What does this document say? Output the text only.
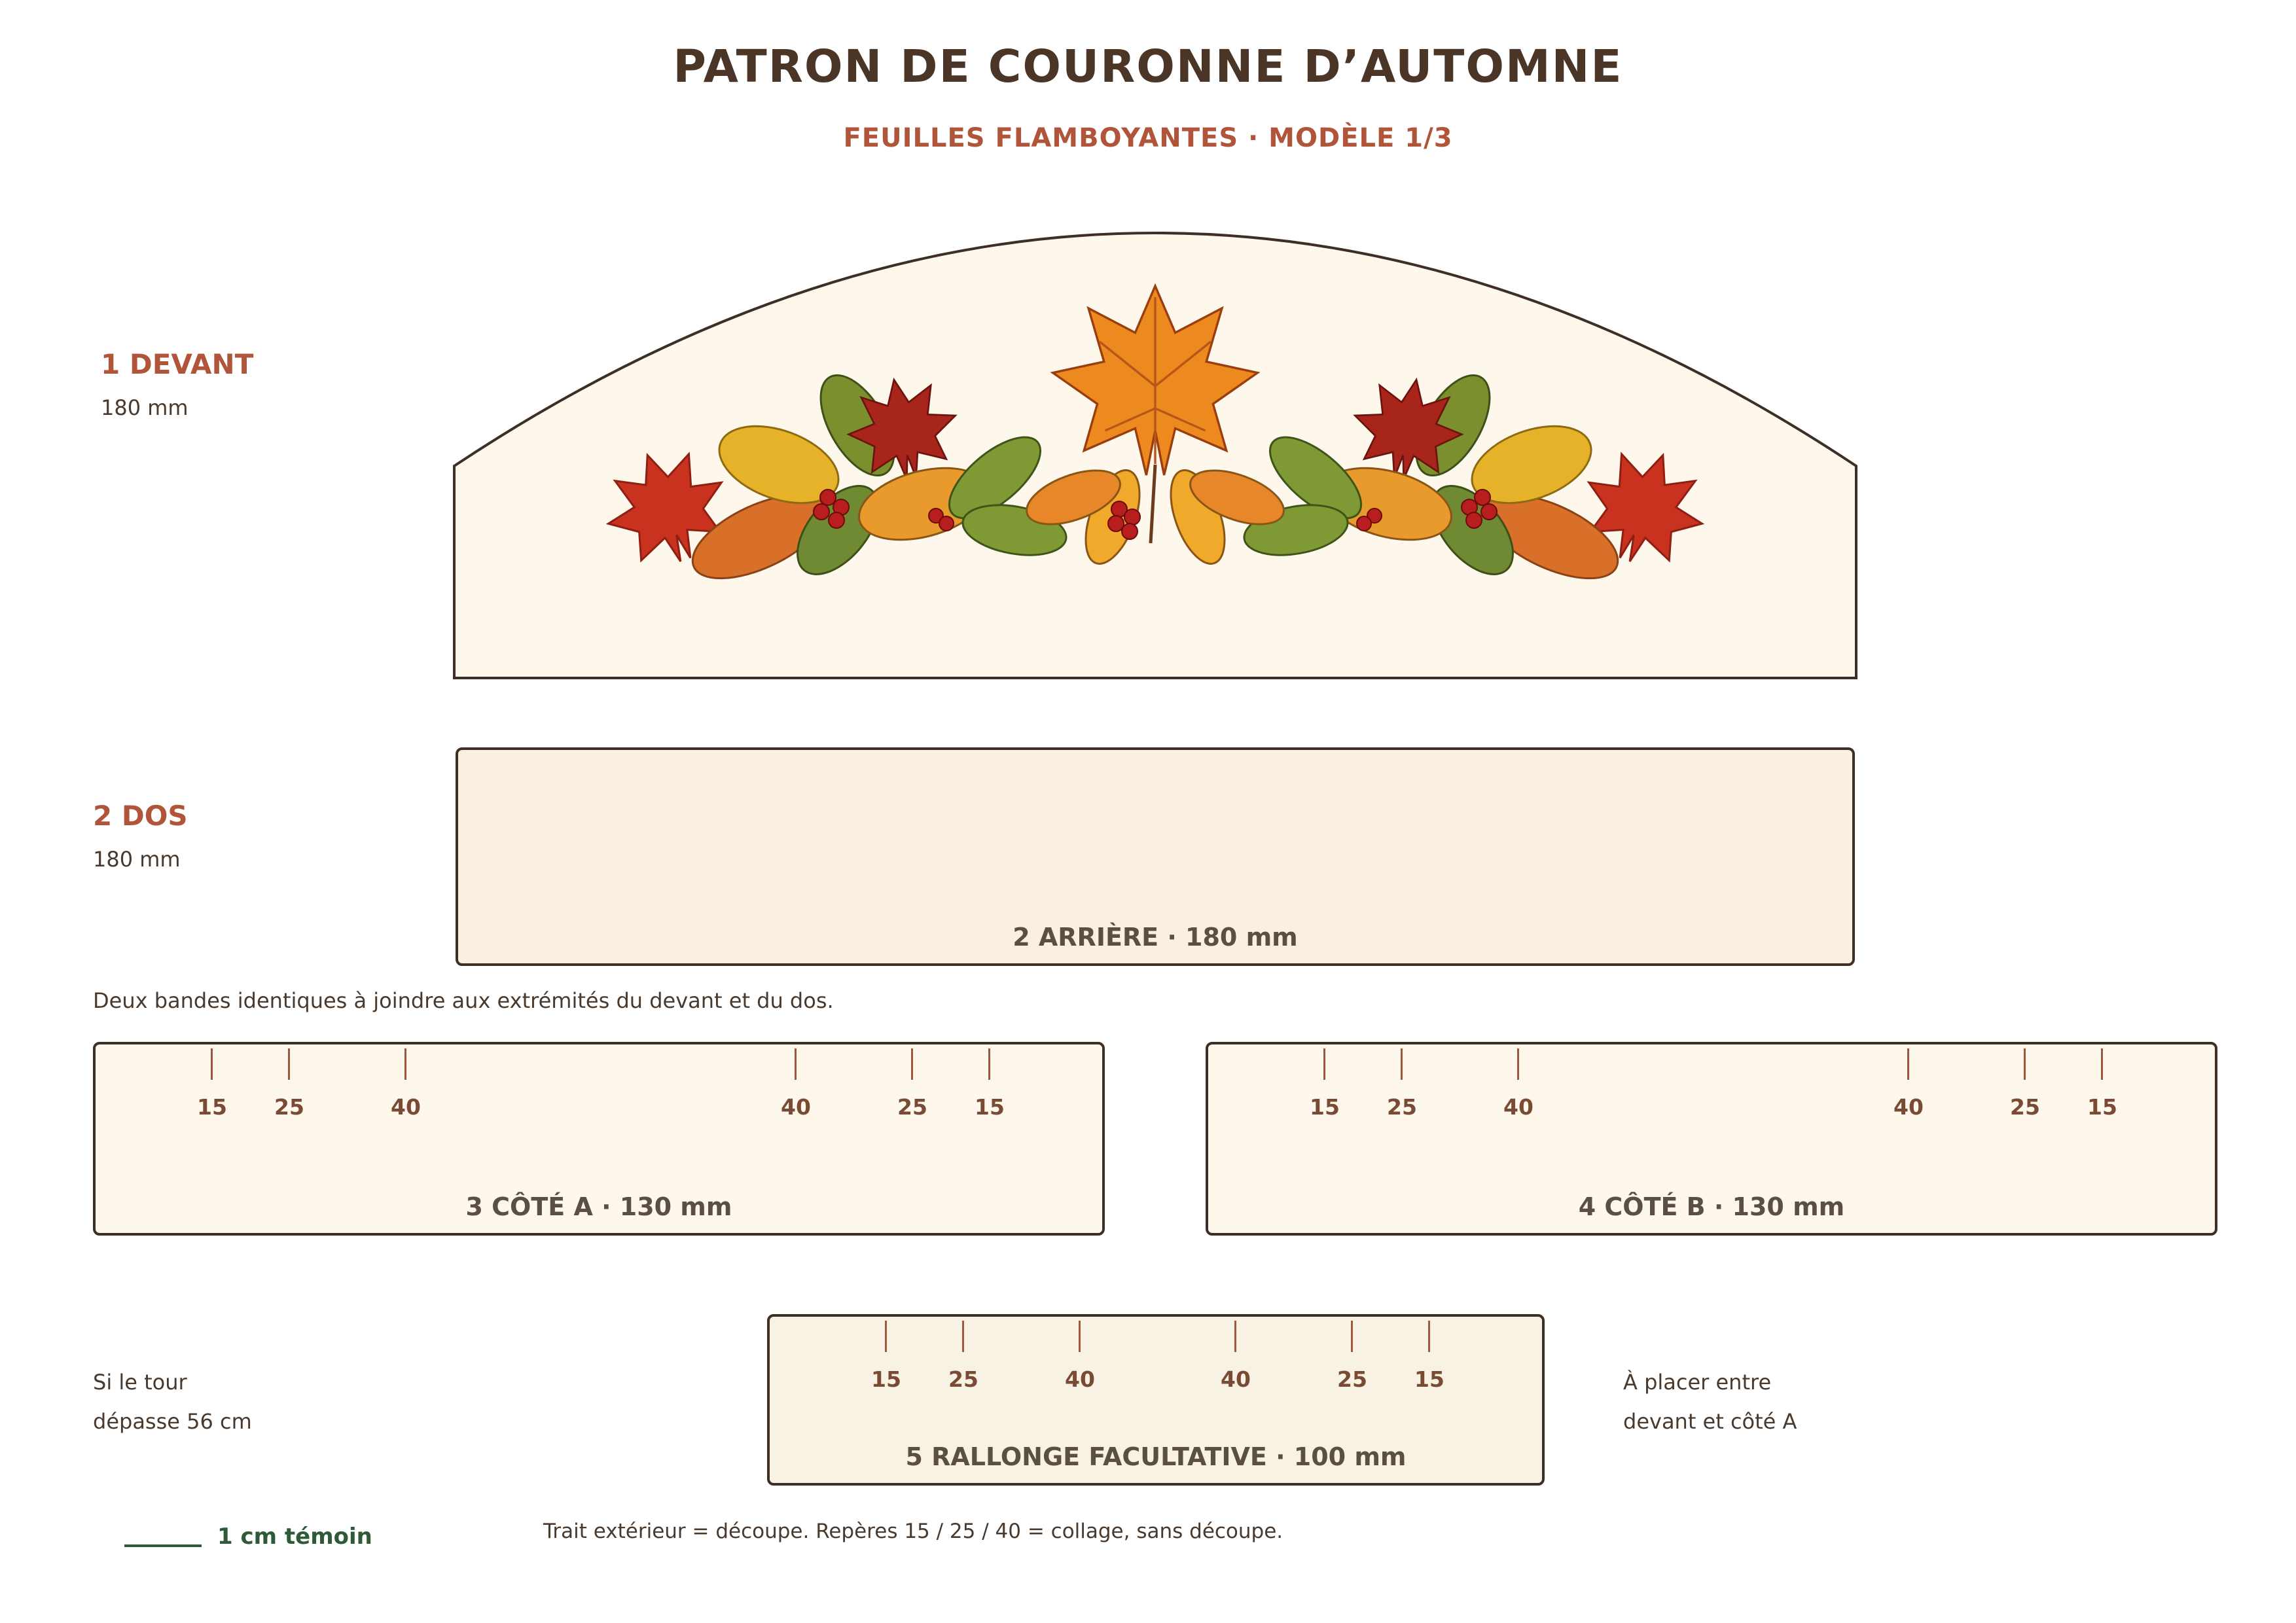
PATRON DE COURONNE D’AUTOMNE
FEUILLES FLAMBOYANTES · MODÈLE 1/3
1 DEVANT
180 mm
2 DOS
180 mm
2 ARRIÈRE · 180 mm
Deux bandes identiques à joindre aux extrémités du devant et du dos.
15	25	40	40	25	15
3 CÔTÉ A · 130 mm
15	25	40	40	25	15
4 CÔTÉ B · 130 mm
Si le tour
dépasse 56 cm
15	25	40	40	25	15
5 RALLONGE FACULTATIVE · 100 mm
À placer entre
devant et côté A
1 cm témoin	Trait extérieur = découpe. Repères 15 / 25 / 40 = collage, sans découpe.
